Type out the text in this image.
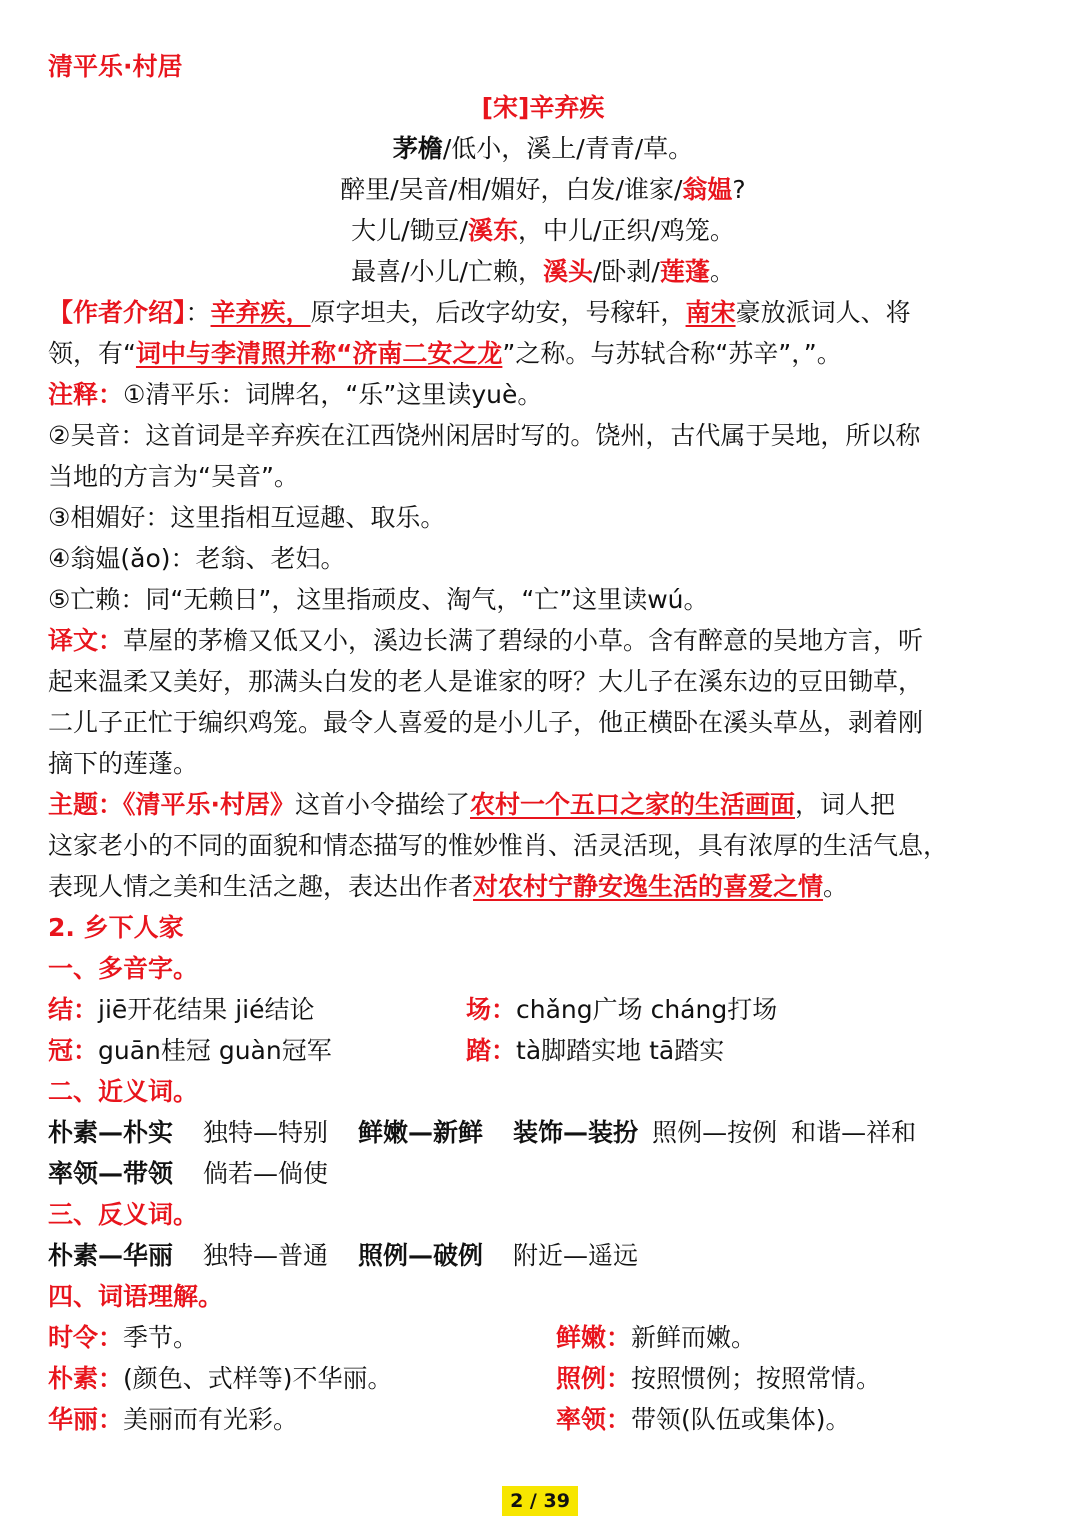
清平乐·村居
[宋]辛弃疾
茅檐/低小，溪上/青青/草。
醉里/吴音/相/媚好，白发/谁家/翁媪?
大儿/锄豆/溪东，中儿/正织/鸡笼。
最喜/小儿/亡赖，溪头/卧剥/莲蓬。
【作者介绍】：辛弃疾，原字坦夫，后改字幼安，号稼轩，南宋豪放派词人、将
领，有“词中与李清照并称“济南二安之龙”之称。与苏轼合称“苏辛”，”。
注释：①清平乐：词牌名，“乐”这里读yuè。
②吴音：这首词是辛弃疾在江西饶州闲居时写的。饶州，古代属于吴地，所以称
当地的方言为“吴音”。
③相媚好：这里指相互逗趣、取乐。
④翁媪(ǎo)：老翁、老妇。
⑤亡赖：同“无赖日”，这里指顽皮、淘气，“亡”这里读wú。
译文：草屋的茅檐又低又小，溪边长满了碧绿的小草。含有醉意的吴地方言，听
起来温柔又美好，那满头白发的老人是谁家的呀？大儿子在溪东边的豆田锄草，
二儿子正忙于编织鸡笼。最令人喜爱的是小儿子，他正横卧在溪头草丛，剥着刚
摘下的莲蓬。
主题：《清平乐·村居》这首小令描绘了农村一个五口之家的生活画面，词人把
这家老小的不同的面貌和情态描写的惟妙惟肖、活灵活现，具有浓厚的生活气息，
表现人情之美和生活之趣，表达出作者对农村宁静安逸生活的喜爱之情。
2. 乡下人家
一、多音字。
结：jiē开花结果 jié结论	场：chǎng广场 cháng打场
冠：guān桂冠 guàn冠军	踏：tà脚踏实地 tā踏实
二、近义词。
朴素—朴实 独特—特别 鲜嫩—新鲜 装饰—装扮 照例—按例 和谐—祥和
率领—带领 倘若—倘使
三、反义词。
朴素—华丽 独特—普通 照例—破例 附近—遥远
四、词语理解。
时令：季节。	鲜嫩：新鲜而嫩。
朴素：(颜色、式样等)不华丽。	照例：按照惯例；按照常情。
华丽：美丽而有光彩。	率领：带领(队伍或集体)。
2 / 39
